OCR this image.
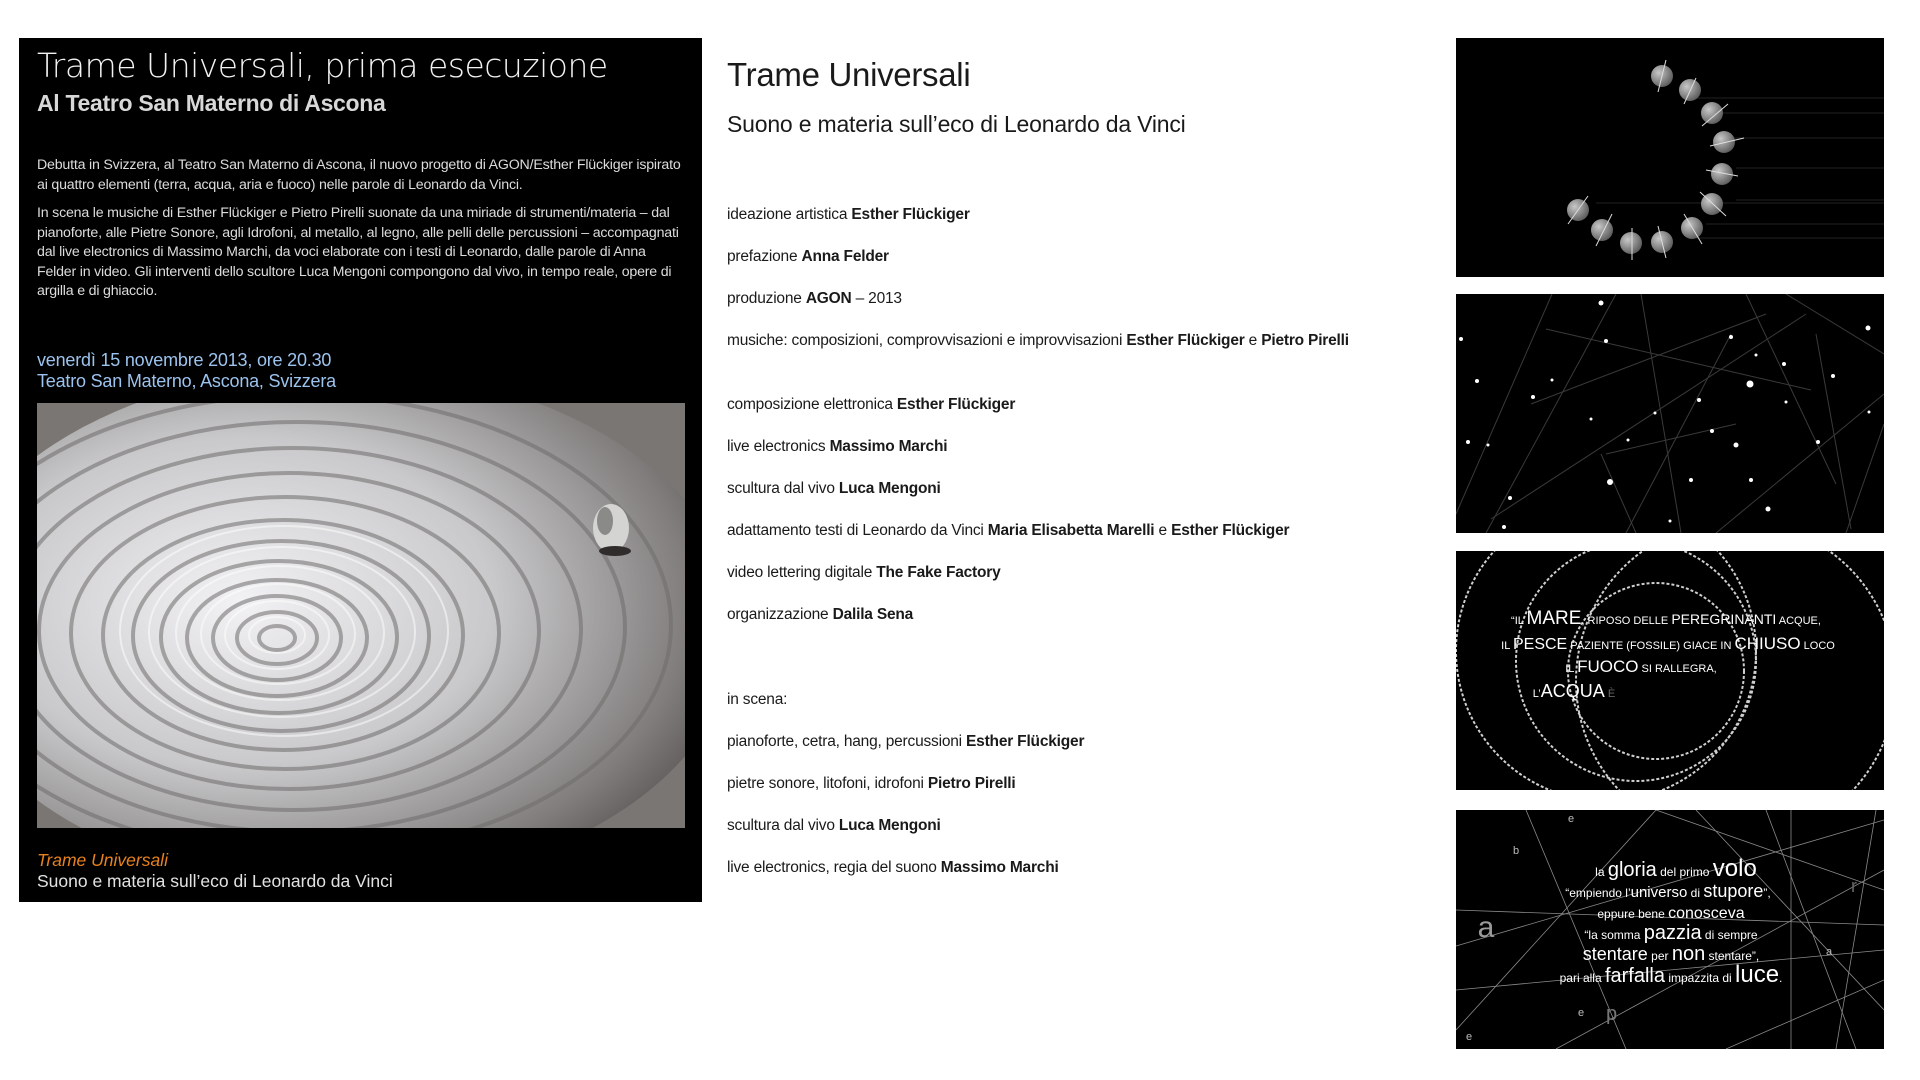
Trame Universali, prima esecuzione
Al Teatro San Materno di Ascona

Debutta in Svizzera, al Teatro San Materno di Ascona, il nuovo progetto di AGON/Esther Flückiger ispirato ai quattro elementi (terra, acqua, aria e fuoco) nelle parole di Leonardo da Vinci.

In scena le musiche di Esther Flückiger e Pietro Pirelli suonate da una miriade di strumenti/materia – dal pianoforte, alle Pietre Sonore, agli Idrofoni, al metallo, al legno, alle pelli delle percussioni – accompagnati dal live electronics di Massimo Marchi, da voci elaborate con i testi di Leonardo, dalle parole di Anna Felder in video. Gli interventi dello scultore Luca Mengoni compongono dal vivo, in tempo reale, opere di argilla e di ghiaccio.

venerdì 15 novembre 2013, ore 20.30
Teatro San Materno, Ascona, Svizzera
Trame Universali
Suono e materia sull’eco di Leonardo da Vinci
Trame Universali
Suono e materia sull’eco di Leonardo da Vinci
ideazione artistica Esther Flückiger
prefazione Anna Felder
produzione AGON – 2013
musiche: composizioni, comprovvisazioni e improvvisazioni Esther Flückiger e Pietro Pirelli
composizione elettronica Esther Flückiger
live electronics Massimo Marchi
scultura dal vivo Luca Mengoni
adattamento testi di Leonardo da Vinci Maria Elisabetta Marelli e Esther Flückiger
video lettering digitale The Fake Factory
organizzazione Dalila Sena
in scena:
pianoforte, cetra, hang, percussioni Esther Flückiger
pietre sonore, litofoni, idrofoni Pietro Pirelli
scultura dal vivo Luca Mengoni
live electronics, regia del suono Massimo Marchi
“IL MARE, RIPOSO DELLE PEREGRINANTI ACQUE,
IL PESCE PAZIENTE (FOSSILE) GIACE IN CHIUSO LOCO
IL FUOCO SI RALLEGRA,
L’ACQUA È
la gloria del primo volo
“empiendo l’universo di stupore”,
eppure bene conosceva
“la somma pazzia di sempre
stentare per non stentare”,
pari alla farfalla impazzita di luce.
a
b
e
e
e p
a
r
